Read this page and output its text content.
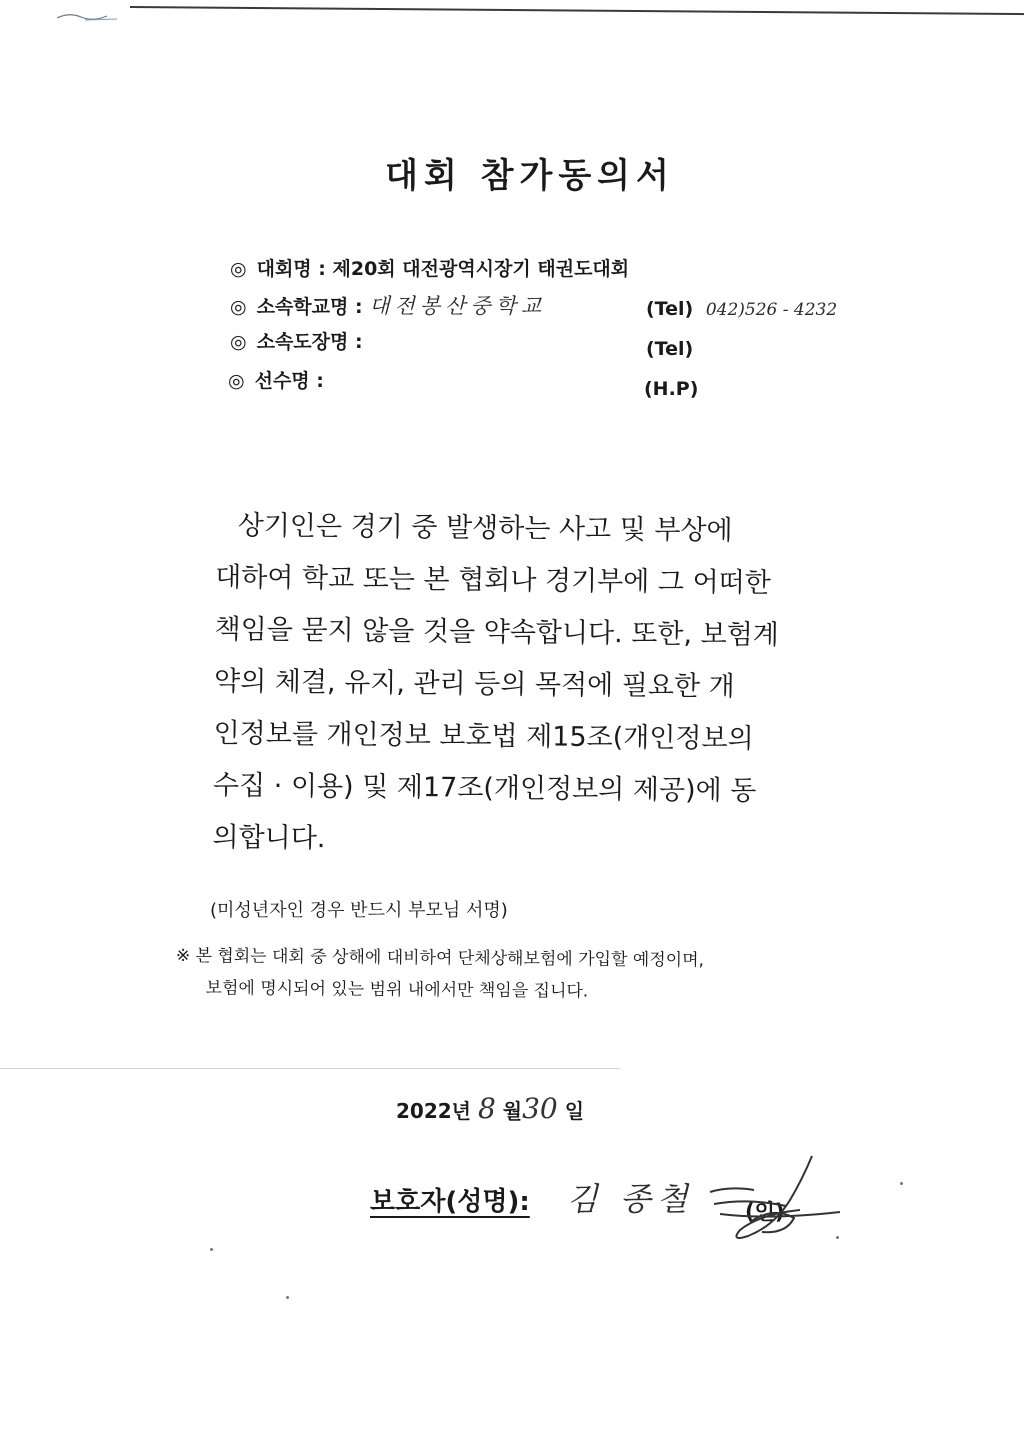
대회 참가동의서
◎ 대회명 : 제20회 대전광역시장기 태권도대회
◎ 소속학교명 : 대전봉산중학교	(Tel) 042)526 - 4232
◎ 소속도장명 :	(Tel)
◎ 선수명 :	(H.P)
상기인은 경기 중 발생하는 사고 및 부상에
대하여 학교 또는 본 협회나 경기부에 그 어떠한
책임을 묻지 않을 것을 약속합니다. 또한, 보험계
약의 체결, 유지, 관리 등의 목적에 필요한 개
인정보를 개인정보 보호법 제15조(개인정보의
수집 · 이용) 및 제17조(개인정보의 제공)에 동
의합니다.
(미성년자인 경우 반드시 부모님 서명)
※ 본 협회는 대회 중 상해에 대비하여 단체상해보험에 가입할 예정이며,
보험에 명시되어 있는 범위 내에서만 책임을 집니다.
2022년 8 월30 일
보호자(성명): 김 종철 (인)
